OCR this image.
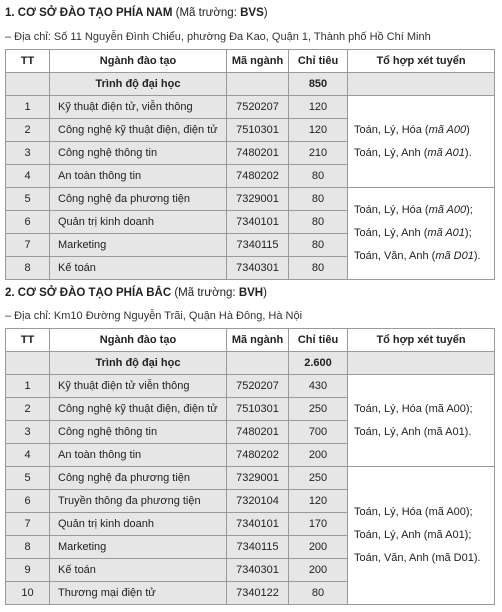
1. CƠ SỞ ĐÀO TẠO PHÍA NAM (Mã trường: BVS)
– Địa chỉ: Số 11 Nguyễn Đình Chiểu, phường Đa Kao, Quận 1, Thành phố Hồ Chí Minh
TT	Ngành đào tạo	Mã ngành	Chỉ tiêu	Tổ hợp xét tuyển
	Trình độ đại học		850	
1	Kỹ thuật điện tử, viễn thông	7520207	120	Toán, Lý, Hóa (mã A00)
Toán, Lý, Anh (mã A01).

2	Công nghệ kỹ thuật điện, điện tử	7510301	120	
3	Công nghệ thông tin	7480201	210	
4	An toàn thông tin	7480202	80	
5	Công nghệ đa phương tiện	7329001	80	Toán, Lý, Hóa (mã A00);
Toán, Lý, Anh (mã A01);
Toán, Văn, Anh (mã D01).

6	Quản trị kinh doanh	7340101	80	
7	Marketing	7340115	80	
8	Kế toán	7340301	80	
2. CƠ SỞ ĐÀO TẠO PHÍA BẮC (Mã trường: BVH)
– Địa chỉ: Km10 Đường Nguyễn Trãi, Quận Hà Đông, Hà Nội
TT	Ngành đào tạo	Mã ngành	Chỉ tiêu	Tổ hợp xét tuyển
	Trình độ đại học		2.600	
1	Kỹ thuật điện tử viễn thông	7520207	430	Toán, Lý, Hóa (mã A00);
Toán, Lý, Anh (mã A01).

2	Công nghệ kỹ thuật điện, điện tử	7510301	250	
3	Công nghệ thông tin	7480201	700	
4	An toàn thông tin	7480202	200	
5	Công nghệ đa phương tiện	7329001	250	Toán, Lý, Hóa (mã A00);
Toán, Lý, Anh (mã A01);
Toán, Văn, Anh (mã D01).

6	Truyền thông đa phương tiện	7320104	120	
7	Quản trị kinh doanh	7340101	170	
8	Marketing	7340115	200	
9	Kế toán	7340301	200	
10	Thương mại điện tử	7340122	80	
